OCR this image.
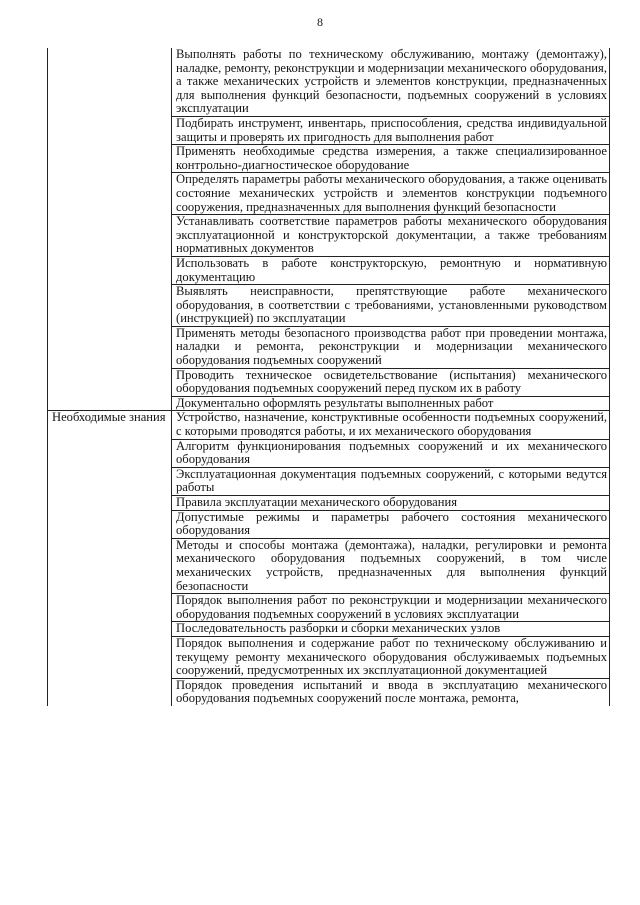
8
	Выполнять работы по техническому обслуживанию, монтажу (демонтажу), наладке, ремонту, реконструкции и модернизации механического оборудования, а также механических устройств и элементов конструкции, предназначенных для выполнения функций безопасности, подъемных сооружений в условиях эксплуатации
	Подбирать инструмент, инвентарь, приспособления, средства индивидуальной защиты и проверять их пригодность для выполнения работ
	Применять необходимые средства измерения, а также специализированное контрольно-диагностическое оборудование
	Определять параметры работы механического оборудования, а также оценивать состояние механических устройств и элементов конструкции подъемного сооружения, предназначенных для выполнения функций безопасности
	Устанавливать соответствие параметров работы механического оборудования эксплуатационной и конструкторской документации, а также требованиям нормативных документов
	Использовать в работе конструкторскую, ремонтную и нормативную документацию
	Выявлять неисправности, препятствующие работе механического оборудования, в соответствии с требованиями, установленными руководством (инструкцией) по эксплуатации
	Применять методы безопасного производства работ при проведении монтажа, наладки и ремонта, реконструкции и модернизации механического оборудования подъемных сооружений
	Проводить техническое освидетельствование (испытания) механического оборудования подъемных сооружений перед пуском их в работу
	Документально оформлять результаты выполненных работ
Необходимые знания	Устройство, назначение, конструктивные особенности подъемных сооружений, с которыми проводятся работы, и их механического оборудования
	Алгоритм функционирования подъемных сооружений и их механического оборудования
	Эксплуатационная документация подъемных сооружений, с которыми ведутся работы
	Правила эксплуатации механического оборудования
	Допустимые режимы и параметры рабочего состояния механического оборудования
	Методы и способы монтажа (демонтажа), наладки, регулировки и ремонта механического оборудования подъемных сооружений, в том числе механических устройств, предназначенных для выполнения функций безопасности
	Порядок выполнения работ по реконструкции и модернизации механического оборудования подъемных сооружений в условиях эксплуатации
	Последовательность разборки и сборки механических узлов
	Порядок выполнения и содержание работ по техническому обслуживанию и текущему ремонту механического оборудования обслуживаемых подъемных сооружений, предусмотренных их эксплуатационной документацией
	Порядок проведения испытаний и ввода в эксплуатацию механического оборудования подъемных сооружений после монтажа, ремонта,
